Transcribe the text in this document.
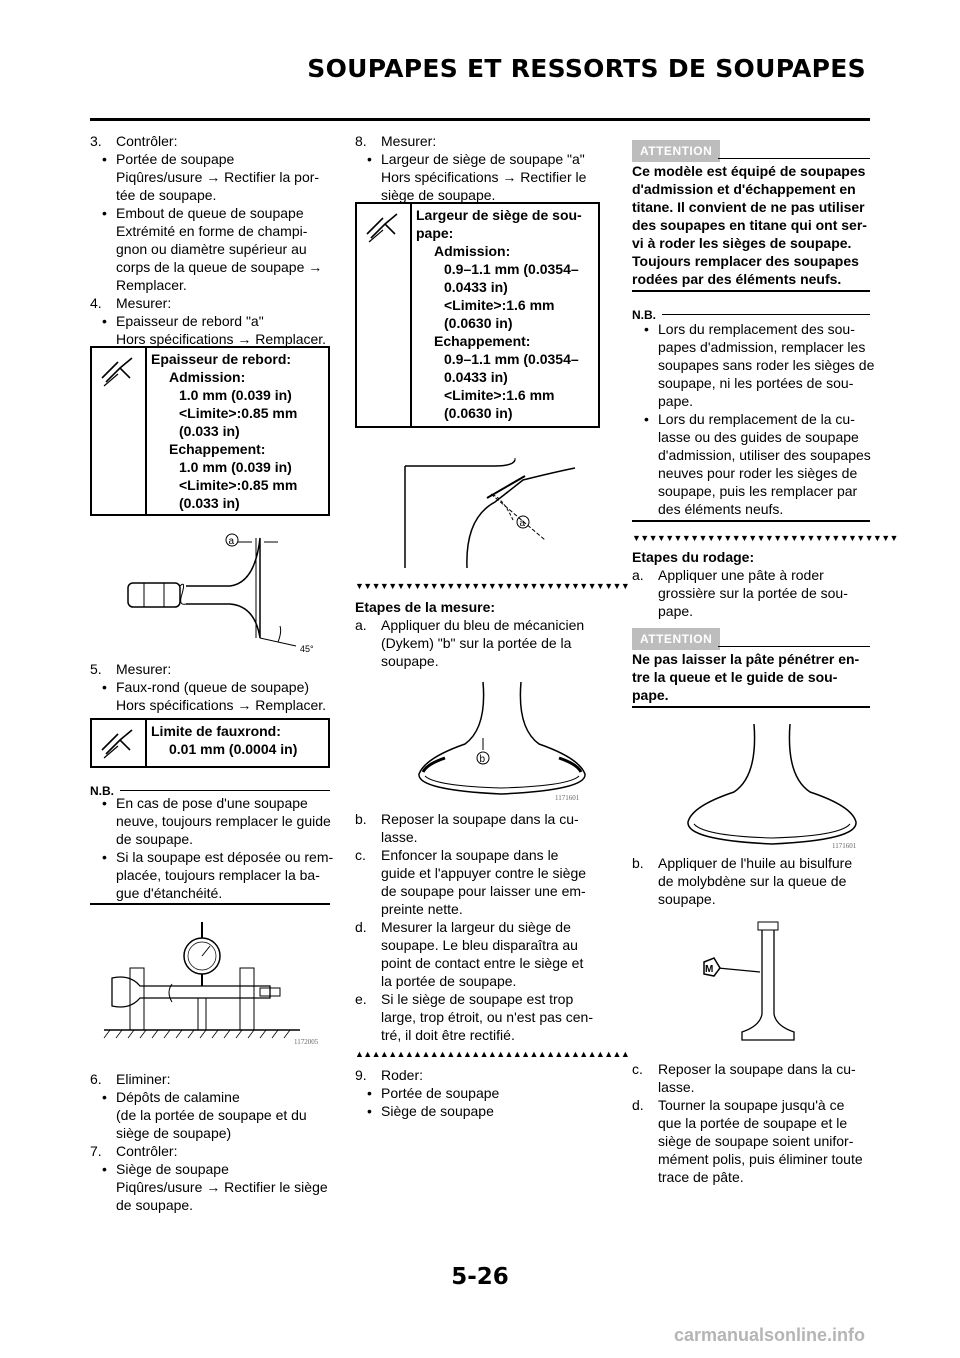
SOUPAPES ET RESSORTS DE SOUPAPES

3. Contrôler:

• Portée de soupape

Piqûres/usure → Rectifier la por-

tée de soupape.

• Embout de queue de soupape

Extrémité en forme de champi-

gnon ou diamètre supérieur au

corps de la queue de soupape →

Remplacer.

4. Mesurer:

• Epaisseur de rebord "a"

Hors spécifications → Remplacer.

Epaisseur de rebord:

Admission:

1.0 mm (0.039 in)

<Limite>:0.85 mm

(0.033 in)

Echappement:

1.0 mm (0.039 in)

<Limite>:0.85 mm

(0.033 in)

a
45°

5. Mesurer:

• Faux-rond (queue de soupape)

Hors spécifications → Remplacer.

Limite de fauxrond:

0.01 mm (0.0004 in)

N.B.

• En cas de pose d'une soupape

neuve, toujours remplacer le guide

de soupape.

• Si la soupape est déposée ou rem-

placée, toujours remplacer la ba-

gue d'étanchéité.

1172005

6. Eliminer:

• Dépôts de calamine

(de la portée de soupape et du

siège de soupape)

7. Contrôler:

• Siège de soupape

Piqûres/usure → Rectifier le siège

de soupape.

8. Mesurer:

• Largeur de siège de soupape "a"

Hors spécifications → Rectifier le

siège de soupape.

Largeur de siège de sou-

pape:

Admission:

0.9–1.1 mm (0.0354–

0.0433 in)

<Limite>:1.6 mm

(0.0630 in)

Echappement:

0.9–1.1 mm (0.0354–

0.0433 in)

<Limite>:1.6 mm

(0.0630 in)

a
▼▼▼▼▼▼▼▼▼▼▼▼▼▼▼▼▼▼▼▼▼▼▼▼▼▼▼▼▼▼▼▼▼

Etapes de la mesure:

a. Appliquer du bleu de mécanicien

(Dykem) "b" sur la portée de la

soupape.

b
1171601

b. Reposer la soupape dans la cu-

lasse.

c. Enfoncer la soupape dans le

guide et l'appuyer contre le siège

de soupape pour laisser une em-

preinte nette.

d. Mesurer la largeur du siège de

soupape. Le bleu disparaîtra au

point de contact entre le siège et

la portée de soupape.

e. Si le siège de soupape est trop

large, trop étroit, ou n'est pas cen-

tré, il doit être rectifié.

▲▲▲▲▲▲▲▲▲▲▲▲▲▲▲▲▲▲▲▲▲▲▲▲▲▲▲▲▲▲▲▲▲

9. Roder:

• Portée de soupape

• Siège de soupape

ATTENTION

Ce modèle est équipé de soupapes

d'admission et d'échappement en

titane. Il convient de ne pas utiliser

des soupapes en titane qui ont ser-

vi à roder les sièges de soupape.

Toujours remplacer des soupapes

rodées par des éléments neufs.

N.B.

• Lors du remplacement des sou-

papes d'admission, remplacer les

soupapes sans roder les sièges de

soupape, ni les portées de sou-

pape.

• Lors du remplacement de la cu-

lasse ou des guides de soupape

d'admission, utiliser des soupapes

neuves pour roder les sièges de

soupape, puis les remplacer par

des éléments neufs.

▼▼▼▼▼▼▼▼▼▼▼▼▼▼▼▼▼▼▼▼▼▼▼▼▼▼▼▼▼▼▼▼

Etapes du rodage:

a. Appliquer une pâte à roder

grossière sur la portée de sou-

pape.

ATTENTION

Ne pas laisser la pâte pénétrer en-

tre la queue et le guide de sou-

pape.

1171601

b. Appliquer de l'huile au bisulfure

de molybdène sur la queue de

soupape.

M

c. Reposer la soupape dans la cu-

lasse.

d. Tourner la soupape jusqu'à ce

que la portée de soupape et le

siège de soupape soient unifor-

mément polis, puis éliminer toute

trace de pâte.

5-26
carmanualsonline.info
